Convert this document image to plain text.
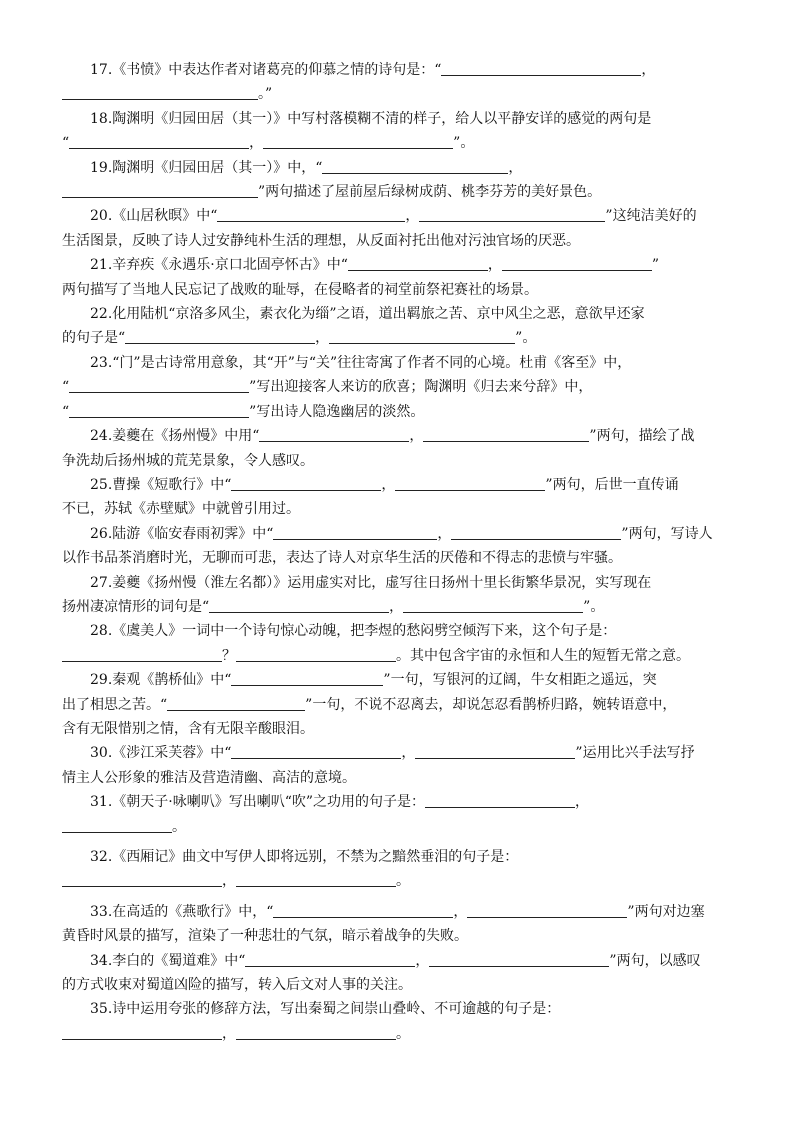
17.《书愤》中表达作者对诸葛亮的仰慕之情的诗句是：“	，

。”

18.陶渊明《归园田居（其一）》中写村落模糊不清的样子，给人以平静安详的感觉的两句是

“	，	”。

19.陶渊明《归园田居（其一）》中，“	，

”两句描述了屋前屋后绿树成荫、桃李芬芳的美好景色。

20.《山居秋暝》中“	，	”这纯洁美好的

生活图景，反映了诗人过安静纯朴生活的理想，从反面衬托出他对污浊官场的厌恶。

21.辛弃疾《永遇乐·京口北固亭怀古》中“	，	”

两句描写了当地人民忘记了战败的耻辱，在侵略者的祠堂前祭祀赛社的场景。

22.化用陆机“京洛多风尘，素衣化为缁”之语，道出羁旅之苦、京中风尘之恶，意欲早还家

的句子是“	，	”。

23.“门”是古诗常用意象，其“开”与“关”往往寄寓了作者不同的心境。杜甫《客至》中，

“	”写出迎接客人来访的欣喜；陶渊明《归去来兮辞》中，

“	”写出诗人隐逸幽居的淡然。

24.姜夔在《扬州慢》中用“	，	”两句，描绘了战

争洗劫后扬州城的荒芜景象，令人感叹。

25.曹操《短歌行》中“	，	”两句，后世一直传诵

不已，苏轼《赤壁赋》中就曾引用过。

26.陆游《临安春雨初霁》中“	，	”两句，写诗人

以作书品茶消磨时光，无聊而可悲，表达了诗人对京华生活的厌倦和不得志的悲愤与牢骚。

27.姜夔《扬州慢（淮左名都）》运用虚实对比，虚写往日扬州十里长街繁华景况，实写现在

扬州凄凉情形的词句是“	，	”。

28.《虞美人》一词中一个诗句惊心动魄，把李煜的愁闷劈空倾泻下来，这个句子是：

？	。其中包含宇宙的永恒和人生的短暂无常之意。

29.秦观《鹊桥仙》中“	”一句，写银河的辽阔，牛女相距之遥远，突

出了相思之苦。“	”一句，不说不忍离去，却说怎忍看鹊桥归路，婉转语意中，

含有无限惜别之情，含有无限辛酸眼泪。

30.《涉江采芙蓉》中“	，	”运用比兴手法写抒

情主人公形象的雅洁及营造清幽、高洁的意境。

31.《朝天子·咏喇叭》写出喇叭“吹”之功用的句子是：	，

。

32.《西厢记》曲文中写伊人即将远别，不禁为之黯然垂泪的句子是：

，	。

33.在高适的《燕歌行》中，“	，	”两句对边塞

黄昏时风景的描写，渲染了一种悲壮的气氛，暗示着战争的失败。

34.李白的《蜀道难》中“	，	”两句，以感叹

的方式收束对蜀道凶险的描写，转入后文对人事的关注。

35.诗中运用夸张的修辞方法，写出秦蜀之间崇山叠岭、不可逾越的句子是：

，	。
